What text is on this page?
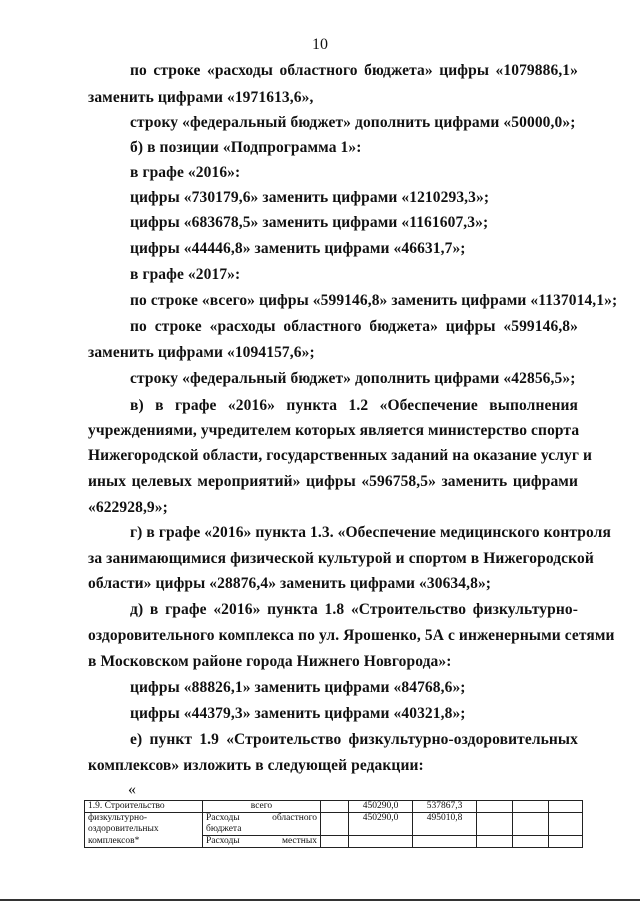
10
по строке «расходы областного бюджета» цифры «1079886,1»
заменить цифрами «1971613,6»,
строку «федеральный бюджет» дополнить цифрами «50000,0»;
б) в позиции «Подпрограмма 1»:
в графе «2016»:
цифры «730179,6» заменить цифрами «1210293,3»;
цифры «683678,5» заменить цифрами «1161607,3»;
цифры «44446,8» заменить цифрами «46631,7»;
в графе «2017»:
по строке «всего» цифры «599146,8» заменить цифрами «1137014,1»;
по строке «расходы областного бюджета» цифры «599146,8»
заменить цифрами «1094157,6»;
строку «федеральный бюджет» дополнить цифрами «42856,5»;
в) в графе «2016» пункта 1.2 «Обеспечение выполнения
учреждениями, учредителем которых является министерство спорта
Нижегородской области, государственных заданий на оказание услуг и
иных целевых мероприятий» цифры «596758,5» заменить цифрами
«622928,9»;
г) в графе «2016» пункта 1.3. «Обеспечение медицинского контроля
за занимающимися физической культурой и спортом в Нижегородской
области» цифры «28876,4» заменить цифрами «30634,8»;
д) в графе «2016» пункта 1.8 «Строительство физкультурно-
оздоровительного комплекса по ул. Ярошенко, 5А с инженерными сетями
в Московском районе города Нижнего Новгорода»:
цифры «88826,1» заменить цифрами «84768,6»;
цифры «44379,3» заменить цифрами «40321,8»;
е) пункт 1.9 «Строительство физкультурно-оздоровительных
комплексов» изложить в следующей редакции:
«
1.9. Строительство	всего		450290,0	537867,3			
физкультурно-	Расходы областного		450290,0	495010,8			
оздоровительных	бюджета						
комплексов*	Расходы местных						
